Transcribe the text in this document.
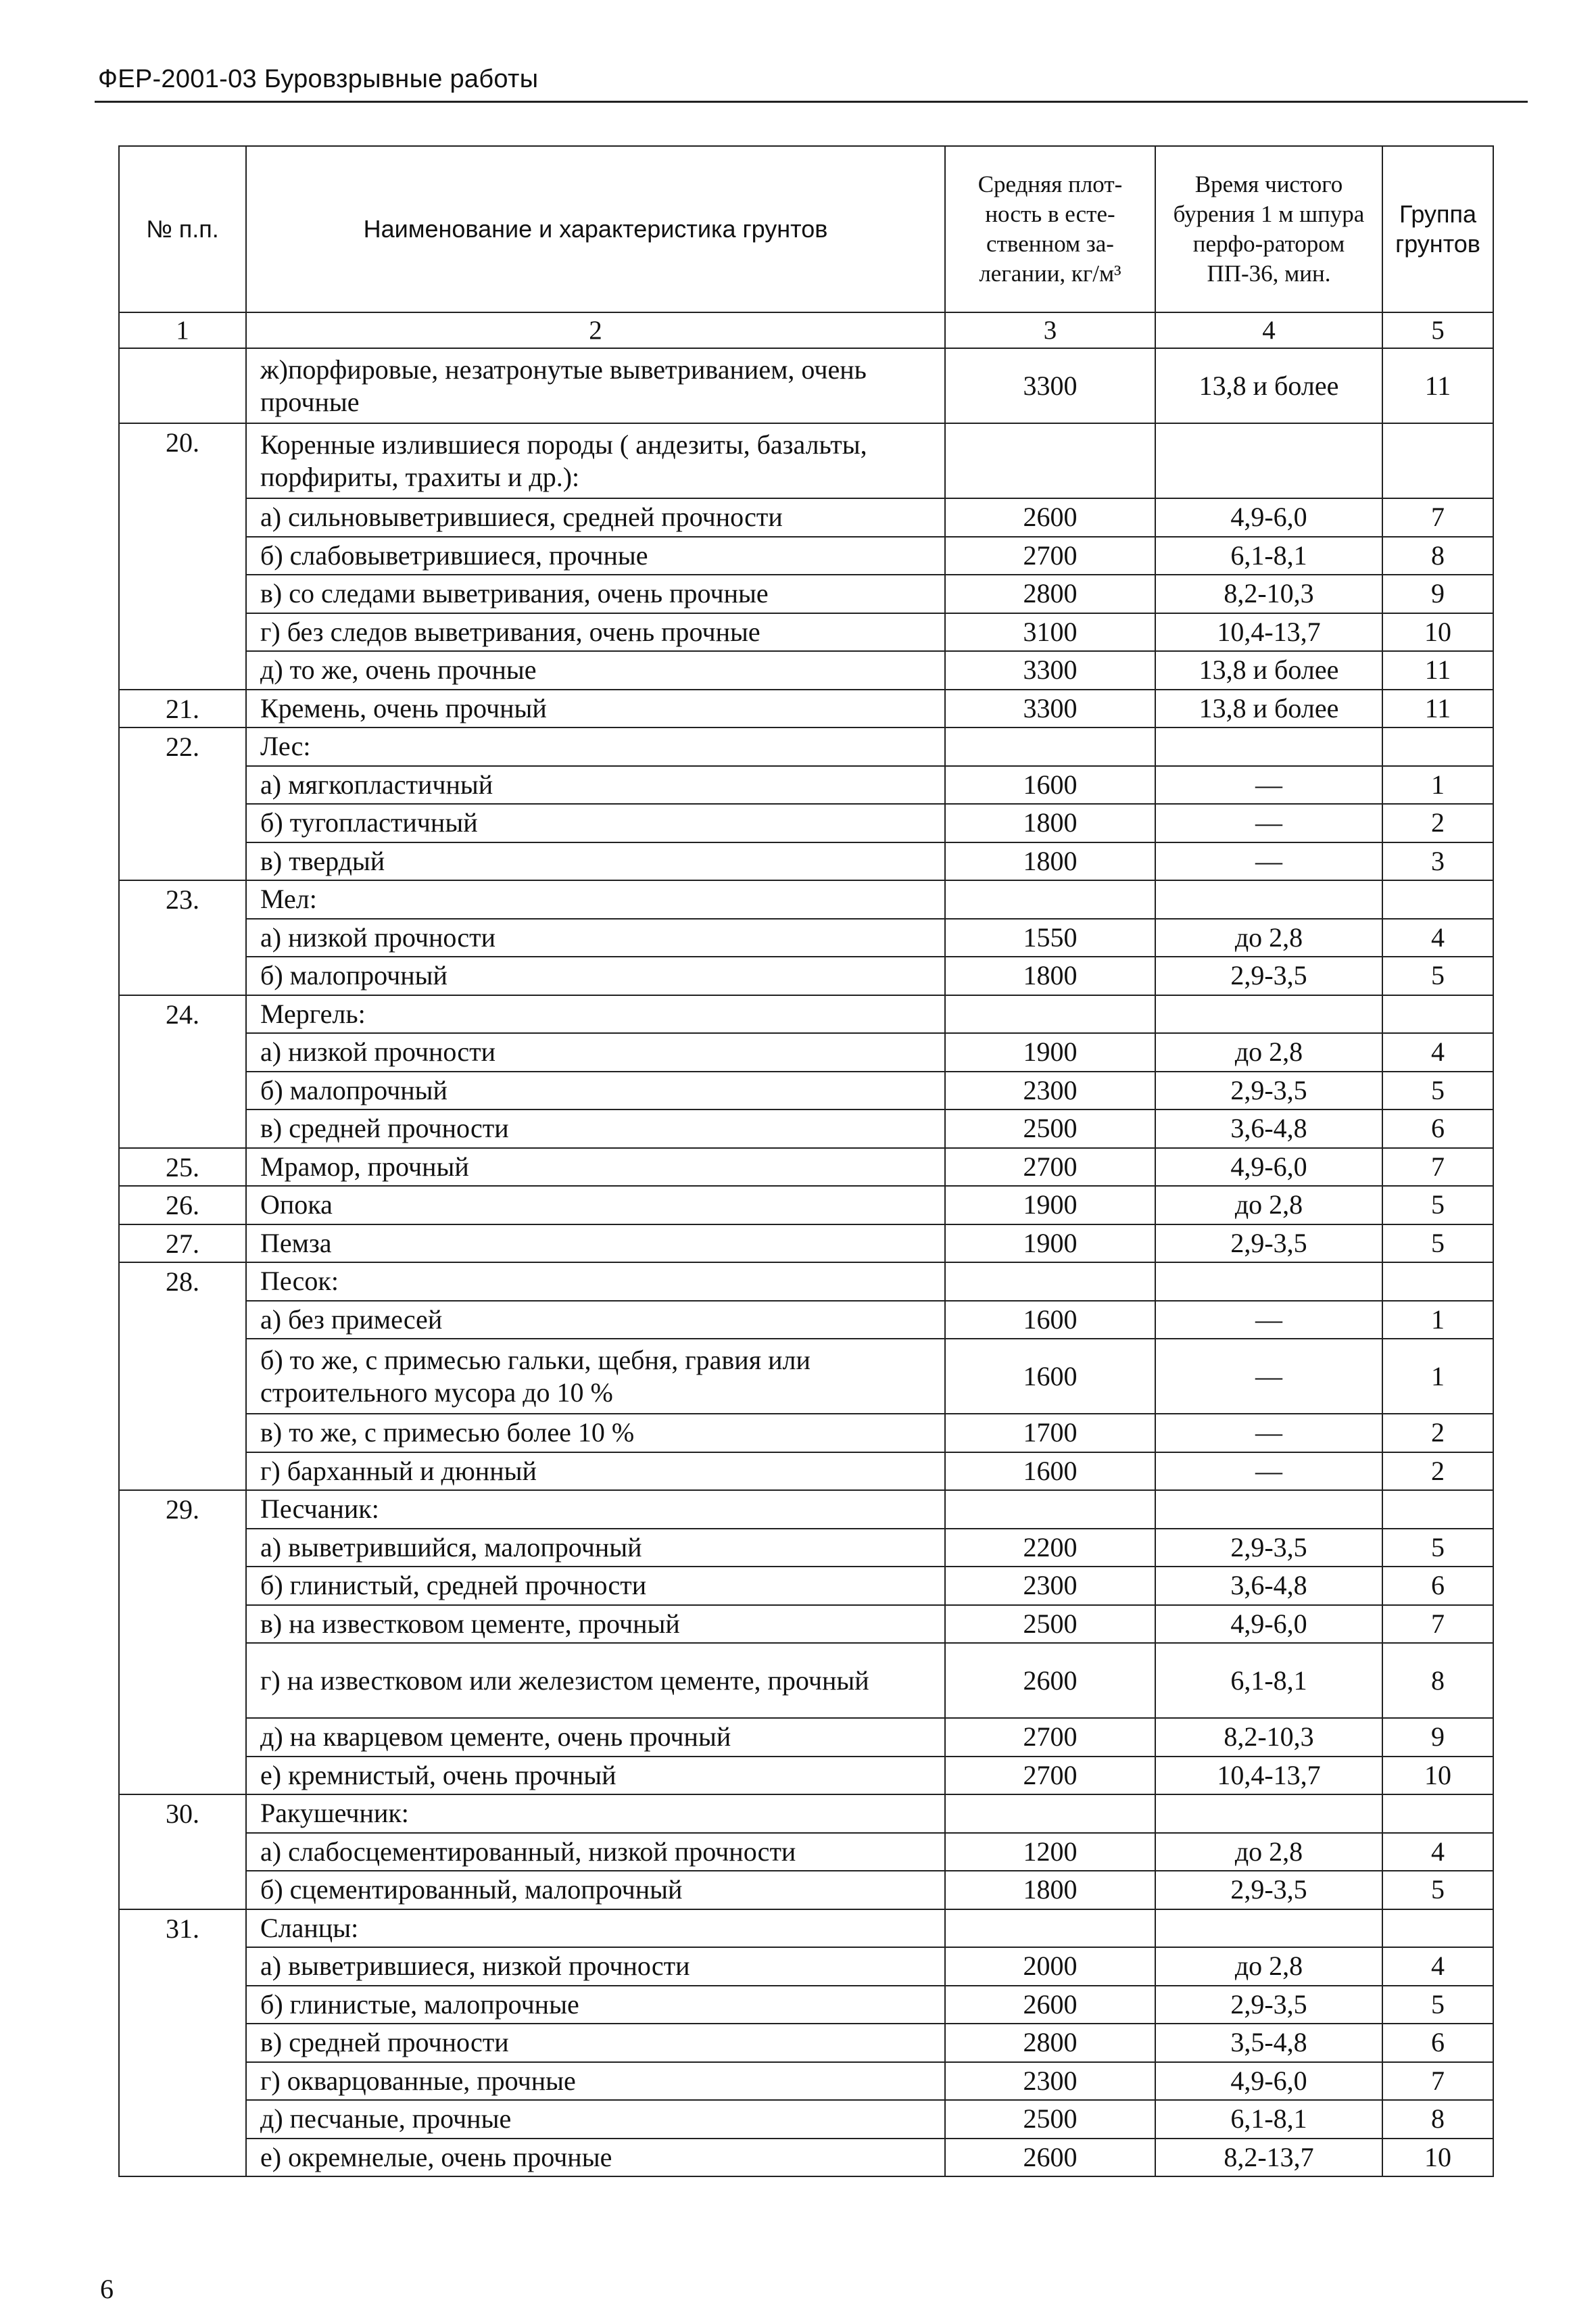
ФЕР-2001-03 Буровзрывные работы
№ п.п.	Наименование и характеристика грунтов	Средняя плот-ность в есте-ственном за-легании, кг/м³	Время чистого бурения 1 м шпура перфо-ратором ПП-36, мин.	Группа грунтов
1	2	3	4	5
	ж)порфировые, незатронутые выветриванием, очень прочные	3300	13,8 и более	11
20.	Коренные излившиеся породы ( андезиты, базальты, порфириты, трахиты и др.):			
	а) сильновыветрившиеся, средней прочности	2600	4,9-6,0	7
	б) слабовыветрившиеся, прочные	2700	6,1-8,1	8
	в) со следами выветривания, очень прочные	2800	8,2-10,3	9
	г) без следов выветривания, очень прочные	3100	10,4-13,7	10
	д) то же, очень прочные	3300	13,8 и более	11
21.	Кремень, очень прочный	3300	13,8 и более	11
22.	Лес:			
	а) мягкопластичный	1600	—	1
	б) тугопластичный	1800	—	2
	в) твердый	1800	—	3
23.	Мел:			
	а) низкой прочности	1550	до 2,8	4
	б) малопрочный	1800	2,9-3,5	5
24.	Мергель:			
	а) низкой прочности	1900	до 2,8	4
	б) малопрочный	2300	2,9-3,5	5
	в) средней прочности	2500	3,6-4,8	6
25.	Мрамор, прочный	2700	4,9-6,0	7
26.	Опока	1900	до 2,8	5
27.	Пемза	1900	2,9-3,5	5
28.	Песок:			
	а) без примесей	1600	—	1
	б) то же, с примесью гальки, щебня, гравия или строительного мусора до 10 %	1600	—	1
	в) то же, с примесью более 10 %	1700	—	2
	г) барханный и дюнный	1600	—	2
29.	Песчаник:			
	а) выветрившийся, малопрочный	2200	2,9-3,5	5
	б) глинистый, средней прочности	2300	3,6-4,8	6
	в) на известковом цементе, прочный	2500	4,9-6,0	7
	г) на известковом или железистом цементе, прочный	2600	6,1-8,1	8
	д) на кварцевом цементе, очень прочный	2700	8,2-10,3	9
	е) кремнистый, очень прочный	2700	10,4-13,7	10
30.	Ракушечник:			
	а) слабосцементированный, низкой прочности	1200	до 2,8	4
	б) сцементированный, малопрочный	1800	2,9-3,5	5
31.	Сланцы:			
	а) выветрившиеся, низкой прочности	2000	до 2,8	4
	б) глинистые, малопрочные	2600	2,9-3,5	5
	в) средней прочности	2800	3,5-4,8	6
	г) окварцованные, прочные	2300	4,9-6,0	7
	д) песчаные, прочные	2500	6,1-8,1	8
	е) окремнелые, очень прочные	2600	8,2-13,7	10
6
